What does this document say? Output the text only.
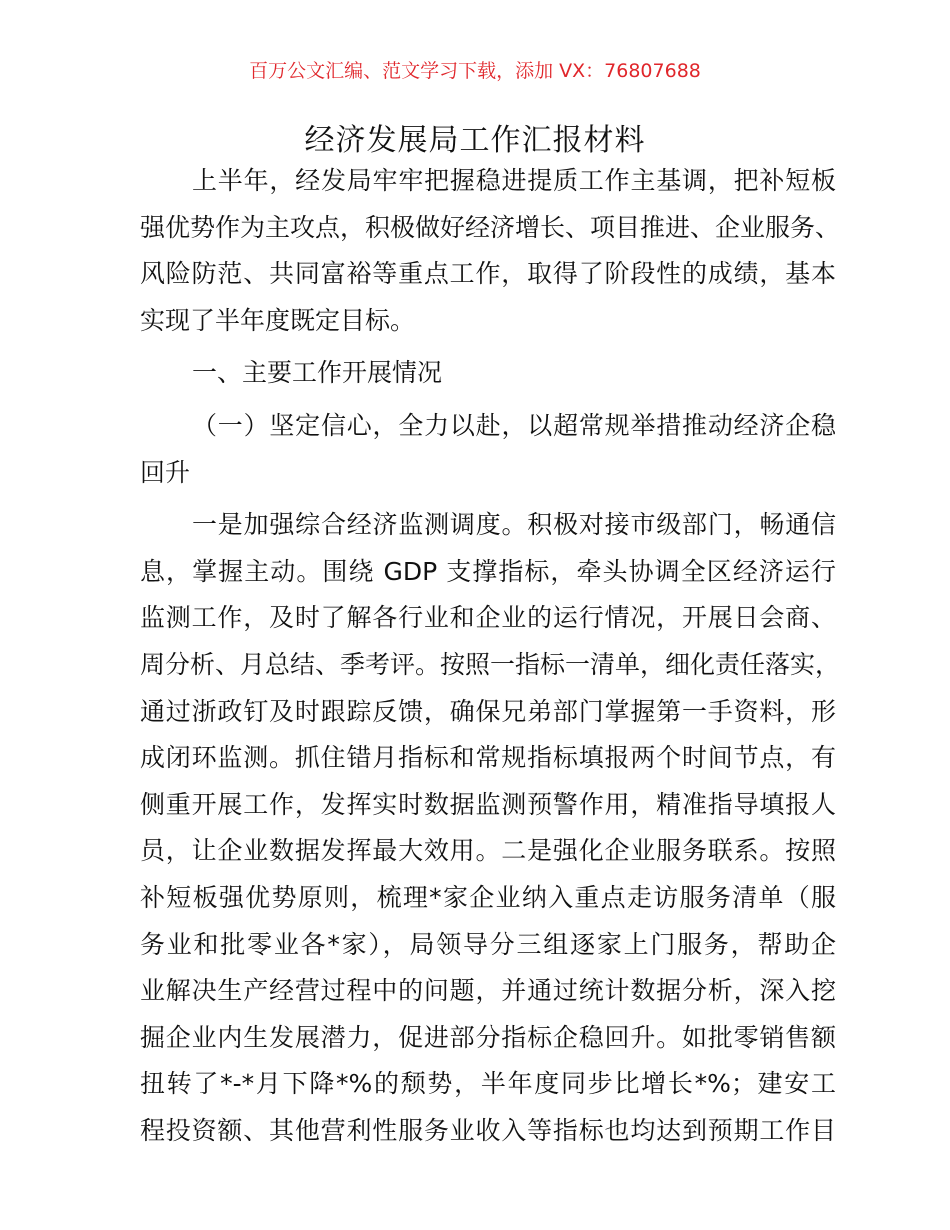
百万公文汇编、范文学习下载，添加 VX：76807688
经济发展局工作汇报材料
上半年，经发局牢牢把握稳进提质工作主基调，把补短板
强优势作为主攻点，积极做好经济增长、项目推进、企业服务、
风险防范、共同富裕等重点工作，取得了阶段性的成绩，基本
实现了半年度既定目标。
一、主要工作开展情况
（一）坚定信心，全力以赴，以超常规举措推动经济企稳
回升
一是加强综合经济监测调度。积极对接市级部门，畅通信
息，掌握主动。围绕 GDP 支撑指标，牵头协调全区经济运行
监测工作，及时了解各行业和企业的运行情况，开展日会商、
周分析、月总结、季考评。按照一指标一清单，细化责任落实，
通过浙政钉及时跟踪反馈，确保兄弟部门掌握第一手资料，形
成闭环监测。抓住错月指标和常规指标填报两个时间节点，有
侧重开展工作，发挥实时数据监测预警作用，精准指导填报人
员，让企业数据发挥最大效用。二是强化企业服务联系。按照
补短板强优势原则，梳理*家企业纳入重点走访服务清单（服
务业和批零业各*家），局领导分三组逐家上门服务，帮助企
业解决生产经营过程中的问题，并通过统计数据分析，深入挖
掘企业内生发展潜力，促进部分指标企稳回升。如批零销售额
扭转了*-*月下降*%的颓势，半年度同步比增长*%；建安工
程投资额、其他营利性服务业收入等指标也均达到预期工作目
